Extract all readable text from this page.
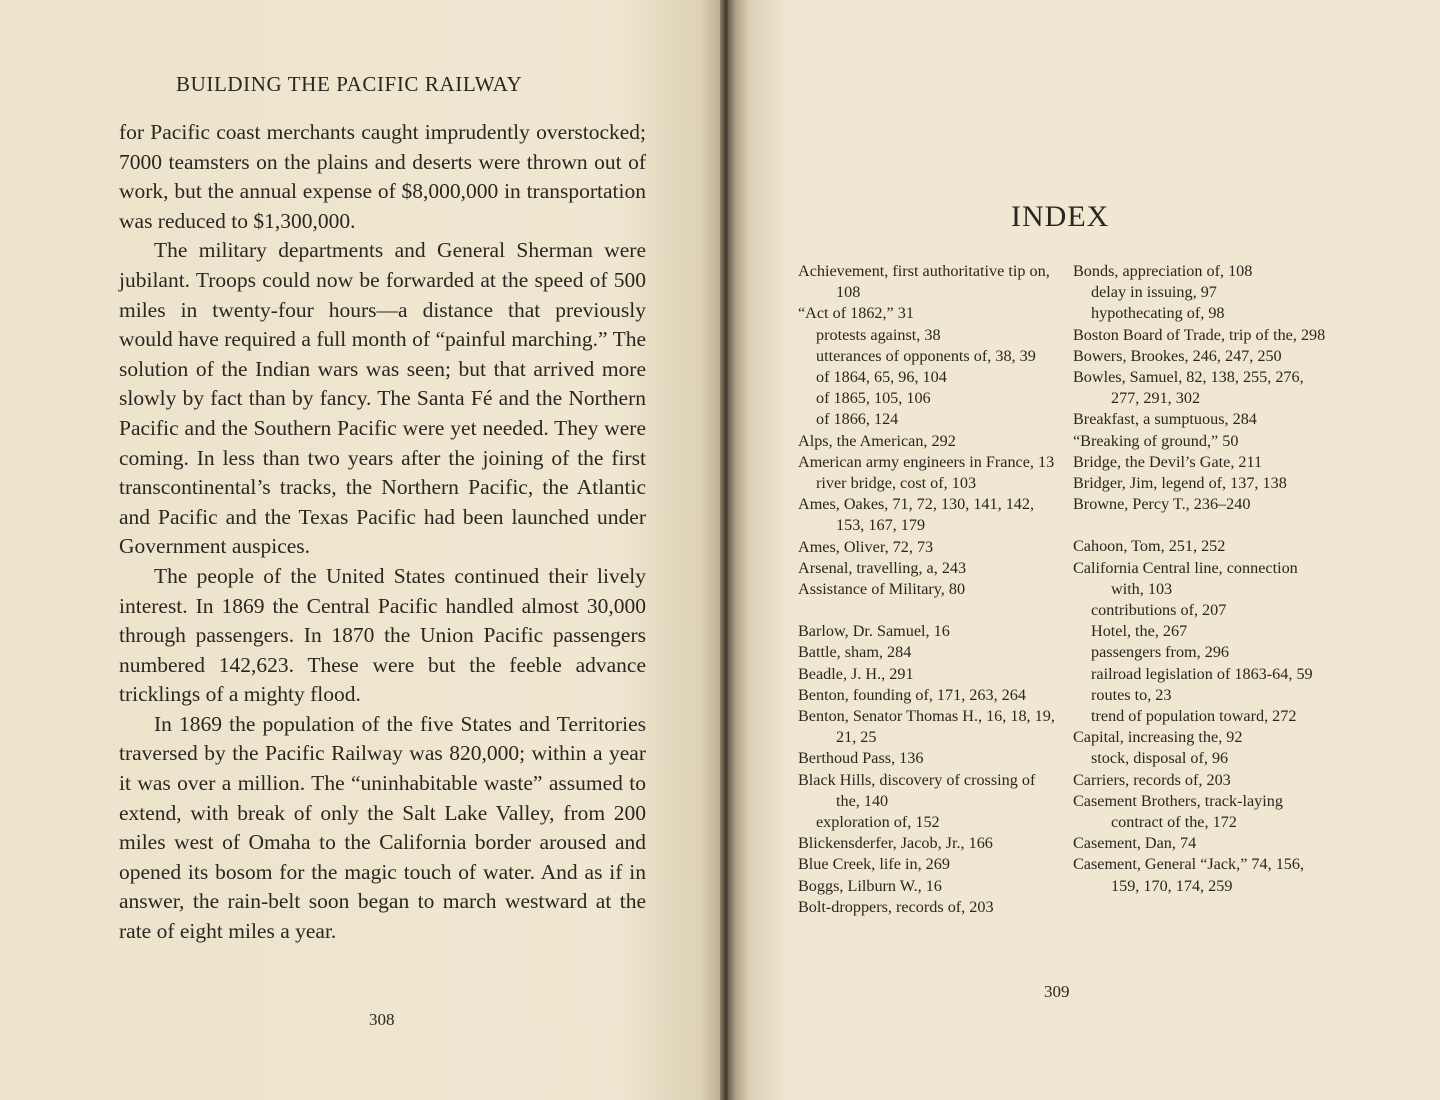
BUILDING THE PACIFIC RAILWAY

for Pacific coast merchants caught imprudently overstocked; 7000 teamsters on the plains and deserts were thrown out of work, but the annual expense of $8,000,000 in transportation was reduced to $1,300,000.

The military departments and General Sherman were jubilant. Troops could now be forwarded at the speed of 500 miles in twenty-four hours—a distance that previously would have required a full month of “painful marching.” The solution of the Indian wars was seen; but that arrived more slowly by fact than by fancy. The Santa Fé and the Northern Pacific and the Southern Pacific were yet needed. They were coming. In less than two years after the joining of the first transcontinental’s tracks, the Northern Pacific, the Atlantic and Pacific and the Texas Pacific had been launched under Government auspices.

The people of the United States continued their lively interest. In 1869 the Central Pacific handled almost 30,000 through passengers. In 1870 the Union Pacific passengers numbered 142,623. These were but the feeble advance tricklings of a mighty flood.

In 1869 the population of the five States and Territories traversed by the Pacific Railway was 820,000; within a year it was over a million. The “uninhabitable waste” assumed to extend, with break of only the Salt Lake Valley, from 200 miles west of Omaha to the California border aroused and opened its bosom for the magic touch of water. And as if in answer, the rain-belt soon began to march westward at the rate of eight miles a year.

308
INDEX
Achievement, first authoritative tip on, 108
“Act of 1862,” 31
protests against, 38
utterances of opponents of, 38, 39
of 1864, 65, 96, 104
of 1865, 105, 106
of 1866, 124
Alps, the American, 292
American army engineers in France, 13
river bridge, cost of, 103
Ames, Oakes, 71, 72, 130, 141, 142, 153, 167, 179
Ames, Oliver, 72, 73
Arsenal, travelling, a, 243
Assistance of Military, 80
Barlow, Dr. Samuel, 16
Battle, sham, 284
Beadle, J. H., 291
Benton, founding of, 171, 263, 264
Benton, Senator Thomas H., 16, 18, 19, 21, 25
Berthoud Pass, 136
Black Hills, discovery of crossing of the, 140
exploration of, 152
Blickensderfer, Jacob, Jr., 166
Blue Creek, life in, 269
Boggs, Lilburn W., 16
Bolt-droppers, records of, 203
Bonds, appreciation of, 108
delay in issuing, 97
hypothecating of, 98
Boston Board of Trade, trip of the, 298
Bowers, Brookes, 246, 247, 250
Bowles, Samuel, 82, 138, 255, 276, 277, 291, 302
Breakfast, a sumptuous, 284
“Breaking of ground,” 50
Bridge, the Devil’s Gate, 211
Bridger, Jim, legend of, 137, 138
Browne, Percy T., 236–240
Cahoon, Tom, 251, 252
California Central line, connection with, 103
contributions of, 207
Hotel, the, 267
passengers from, 296
railroad legislation of 1863-64, 59
routes to, 23
trend of population toward, 272
Capital, increasing the, 92
stock, disposal of, 96
Carriers, records of, 203
Casement Brothers, track-laying contract of the, 172
Casement, Dan, 74
Casement, General “Jack,” 74, 156, 159, 170, 174, 259
309
